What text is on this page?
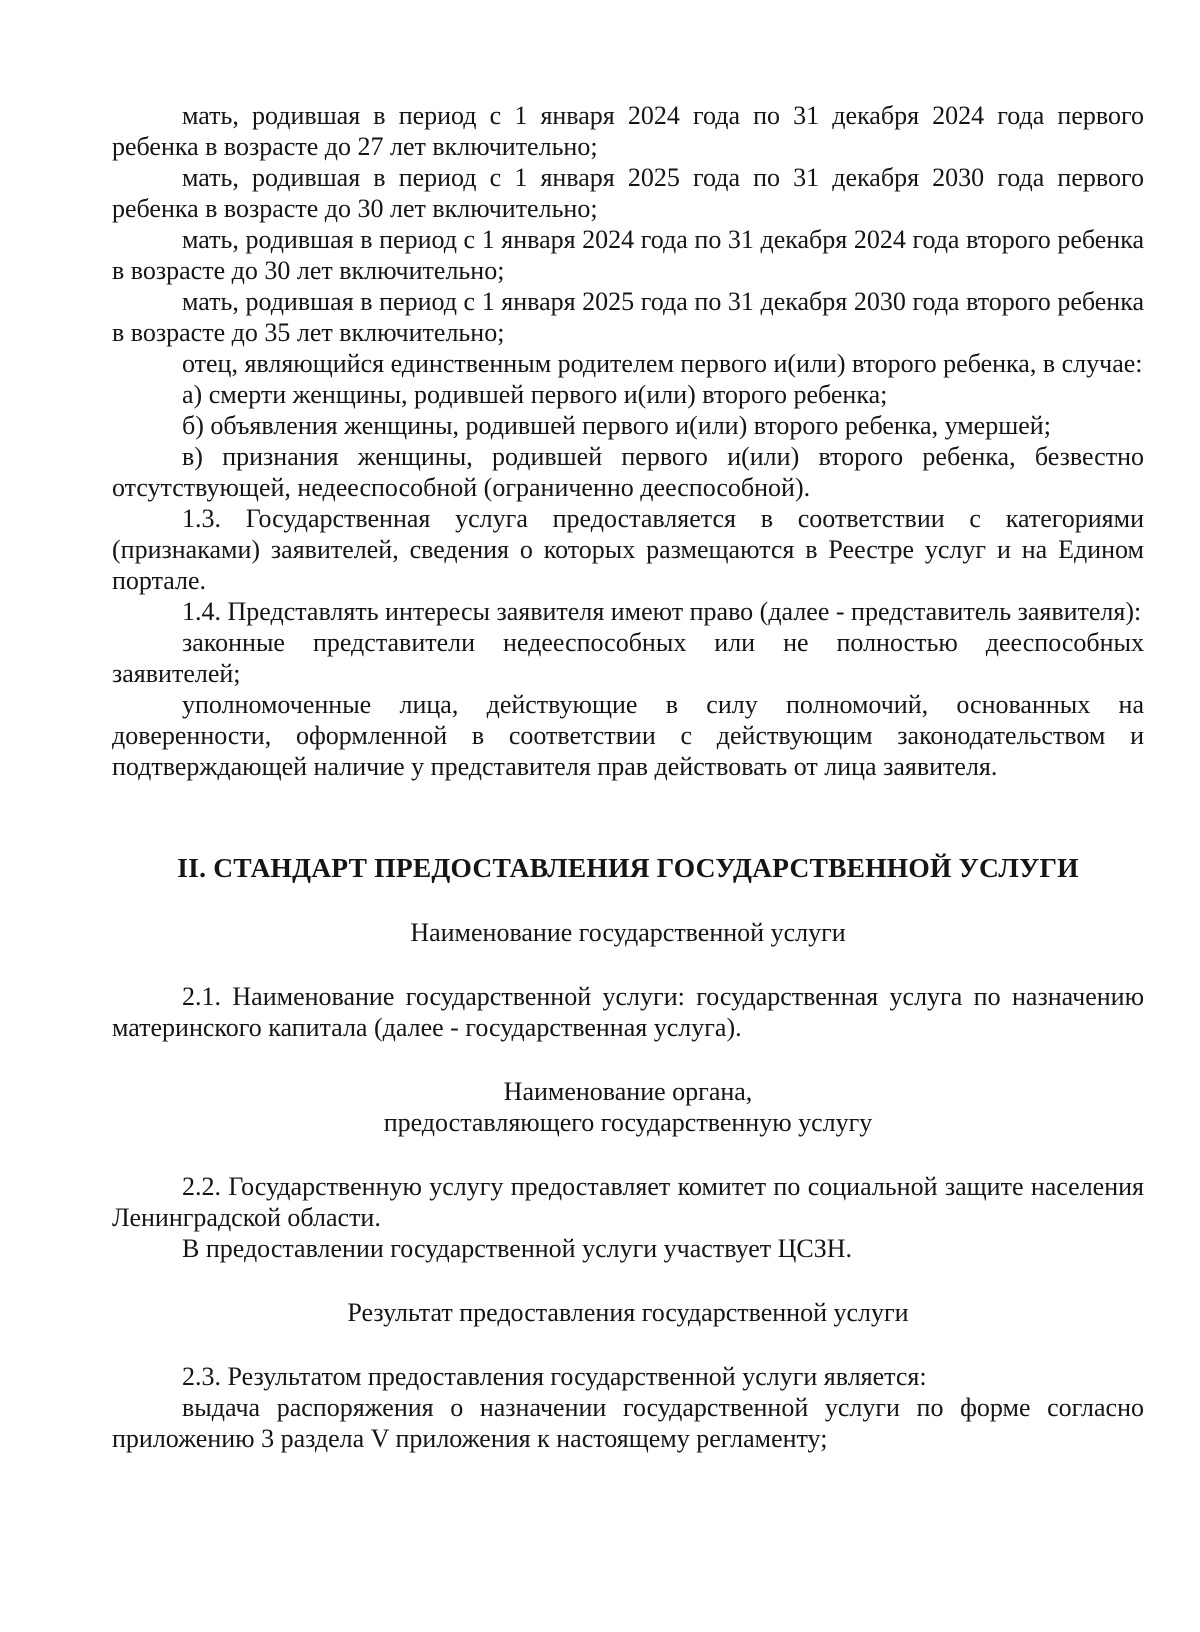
мать, родившая в период с 1 января 2024 года по 31 декабря 2024 года первого ребенка в возрасте до 27 лет включительно;

мать, родившая в период с 1 января 2025 года по 31 декабря 2030 года первого ребенка в возрасте до 30 лет включительно;

мать, родившая в период с 1 января 2024 года по 31 декабря 2024 года второго ребенка в возрасте до 30 лет включительно;

мать, родившая в период с 1 января 2025 года по 31 декабря 2030 года второго ребенка в возрасте до 35 лет включительно;

отец, являющийся единственным родителем первого и(или) второго ребенка, в случае:

а) смерти женщины, родившей первого и(или) второго ребенка;

б) объявления женщины, родившей первого и(или) второго ребенка, умершей;

в) признания женщины, родившей первого и(или) второго ребенка, безвестно отсутствующей, недееспособной (ограниченно дееспособной).

1.3. Государственная услуга предоставляется в соответствии с категориями (признаками) заявителей, сведения о которых размещаются в Реестре услуг и на Едином портале.

1.4. Представлять интересы заявителя имеют право (далее - представитель заявителя):

законные представители недееспособных или не полностью дееспособных заявителей;

уполномоченные лица, действующие в силу полномочий, основанных на доверенности, оформленной в соответствии с действующим законодательством и подтверждающей наличие у представителя прав действовать от лица заявителя.

II. СТАНДАРТ ПРЕДОСТАВЛЕНИЯ ГОСУДАРСТВЕННОЙ УСЛУГИ

Наименование государственной услуги

2.1. Наименование государственной услуги: государственная услуга по назначению материнского капитала (далее - государственная услуга).

Наименование органа,

предоставляющего государственную услугу

2.2. Государственную услугу предоставляет комитет по социальной защите населения Ленинградской области.

В предоставлении государственной услуги участвует ЦСЗН.

Результат предоставления государственной услуги

2.3. Результатом предоставления государственной услуги является:

выдача распоряжения о назначении государственной услуги по форме согласно приложению 3 раздела V приложения к настоящему регламенту;
